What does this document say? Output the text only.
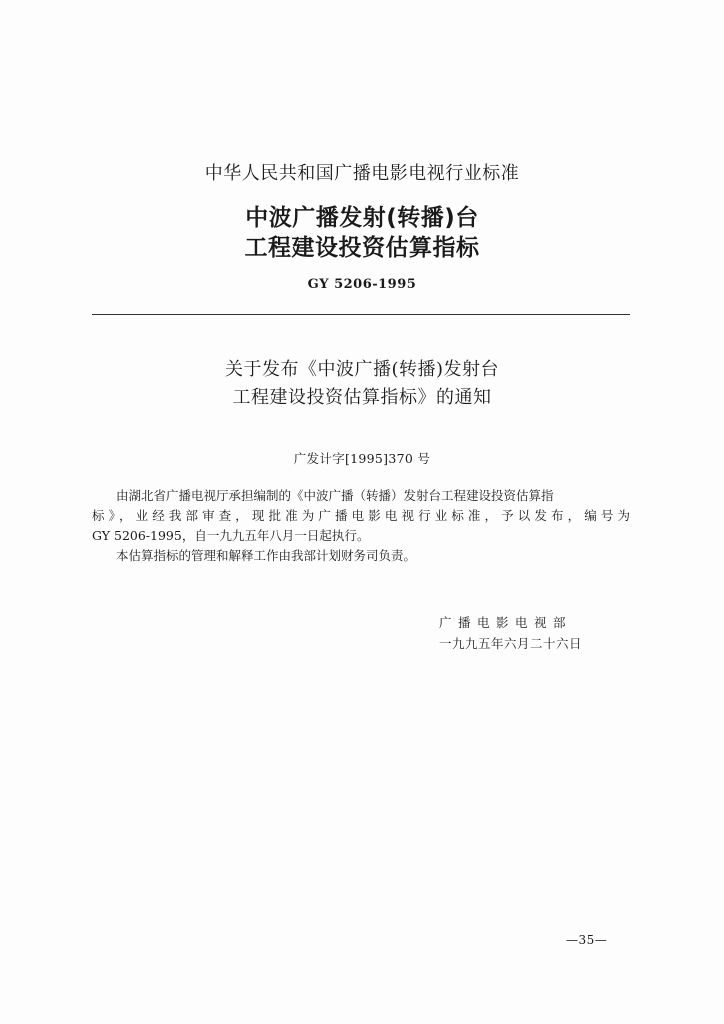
中华人民共和国广播电影电视行业标准
中波广播发射(转播)台
工程建设投资估算指标
GY 5206-1995
关于发布《中波广播(转播)发射台
工程建设投资估算指标》的通知
广发计字[1995]370 号
由湖北省广播电视厅承担编制的《中波广播（转播）发射台工程建设投资估算指
标》，业经我部审查，现批准为广播电影电视行业标准，予以发布，编号为
GY 5206-1995，自一九九五年八月一日起执行。
本估算指标的管理和解释工作由我部计划财务司负责。
广播电影电视部
一九九五年六月二十六日
—35—
